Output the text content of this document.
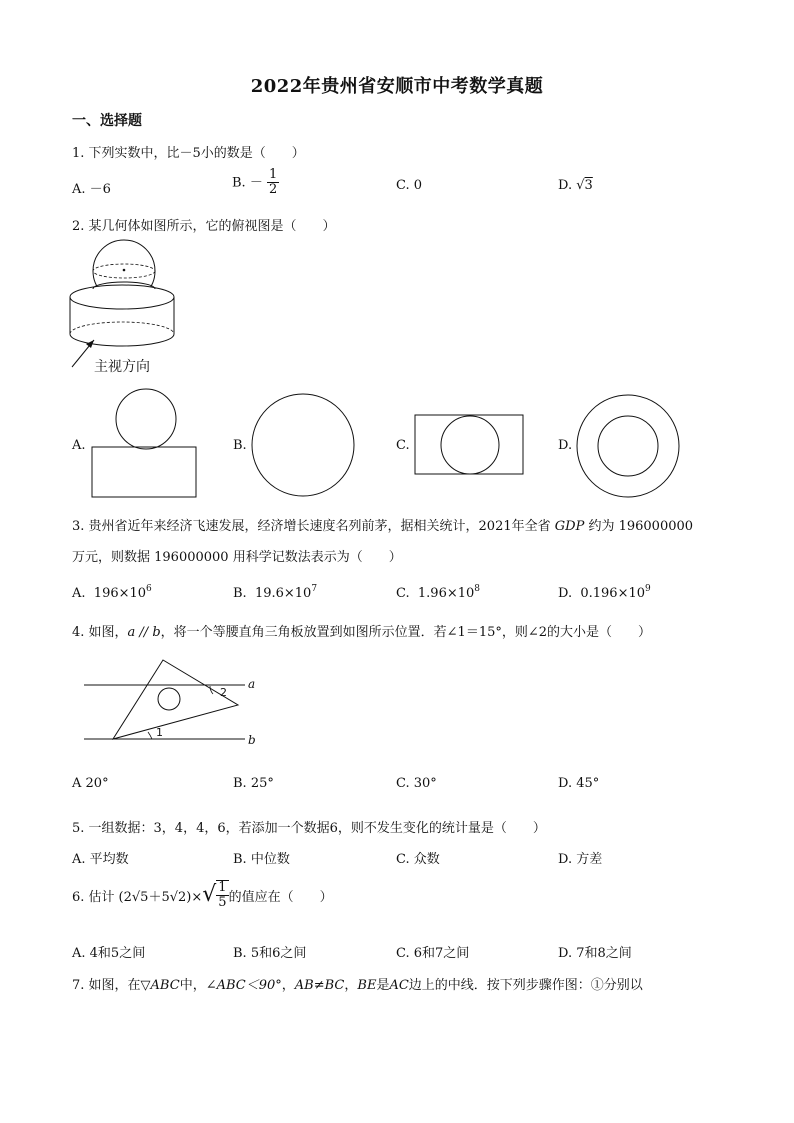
2022年贵州省安顺市中考数学真题
一、选择题
1. 下列实数中，比－5小的数是（　　）
A. －6	B. － $\frac{1}{2}$	C. 0	D. √3
2. 某几何体如图所示，它的俯视图是（　　）
主视方向
A.	B.	C.	D.
3. 贵州省近年来经济飞速发展，经济增长速度名列前茅，据相关统计，2021年全省 GDP 约为 196000000
万元，则数据 196000000 用科学记数法表示为（　　）
A. $196\times 10^6$	B. $19.6\times 10^7$	C. $1.96\times 10^8$	D. $0.196\times 10^9$
4. 如图，a // b，将一个等腰直角三角板放置到如图所示位置．若∠1＝15°，则∠2的大小是（　　）
1
2
a
b
A 20°	B. 25°	C. 30°	D. 45°
5. 一组数据：3，4，4，6，若添加一个数据6，则不发生变化的统计量是（　　）
A. 平均数	B. 中位数	C. 众数	D. 方差
6. 估计 (2√5＋5√2)× √ $\frac{1}{5}$ 的值应在（　　）
A. 4和5之间	B. 5和6之间	C. 6和7之间	D. 7和8之间
7. 如图，在▽ABC中，∠ABC＜90°，AB≠BC，BE是AC边上的中线．按下列步骤作图：①分别以
